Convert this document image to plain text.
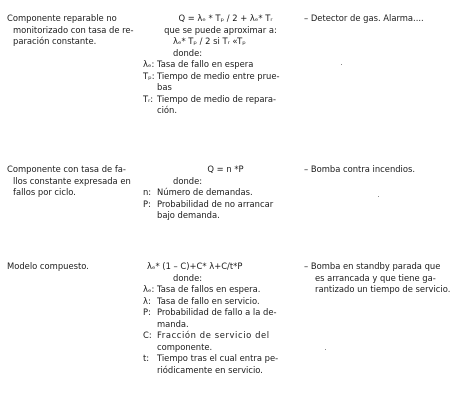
Componente reparable no
monitorizado con tasa de re-
paración constante.
Q = λₑ * Tₚ / 2 + λₑ* Tᵣ
que se puede aproximar a:
λₑ* Tₚ / 2 si Tᵣ «Tₚ
donde:
λₑ: Tasa de fallo en espera
Tₚ: Tiempo de medio entre prue-
bas
Tᵣ: Tiempo de medio de repara-
ción.
– Detector de gas. Alarma....
Componente con tasa de fa-
llos constante expresada en
fallos por ciclo.
Q = n *P
donde:
n: Número de demandas.
P: Probabilidad de no arrancar
bajo demanda.
– Bomba contra incendios.
Modelo compuesto.	λₑ* (1 – C)+C* λ+C/t*P
donde:
λₑ: Tasa de fallos en espera.
λ: Tasa de fallo en servicio.
P: Probabilidad de fallo a la de-
manda.
C: Fracción de servicio del
componente.
t: Tiempo tras el cual entra pe-
riódicamente en servicio.
– Bomba en standby parada que
es arrancada y que tiene ga-
rantizado un tiempo de servicio.
